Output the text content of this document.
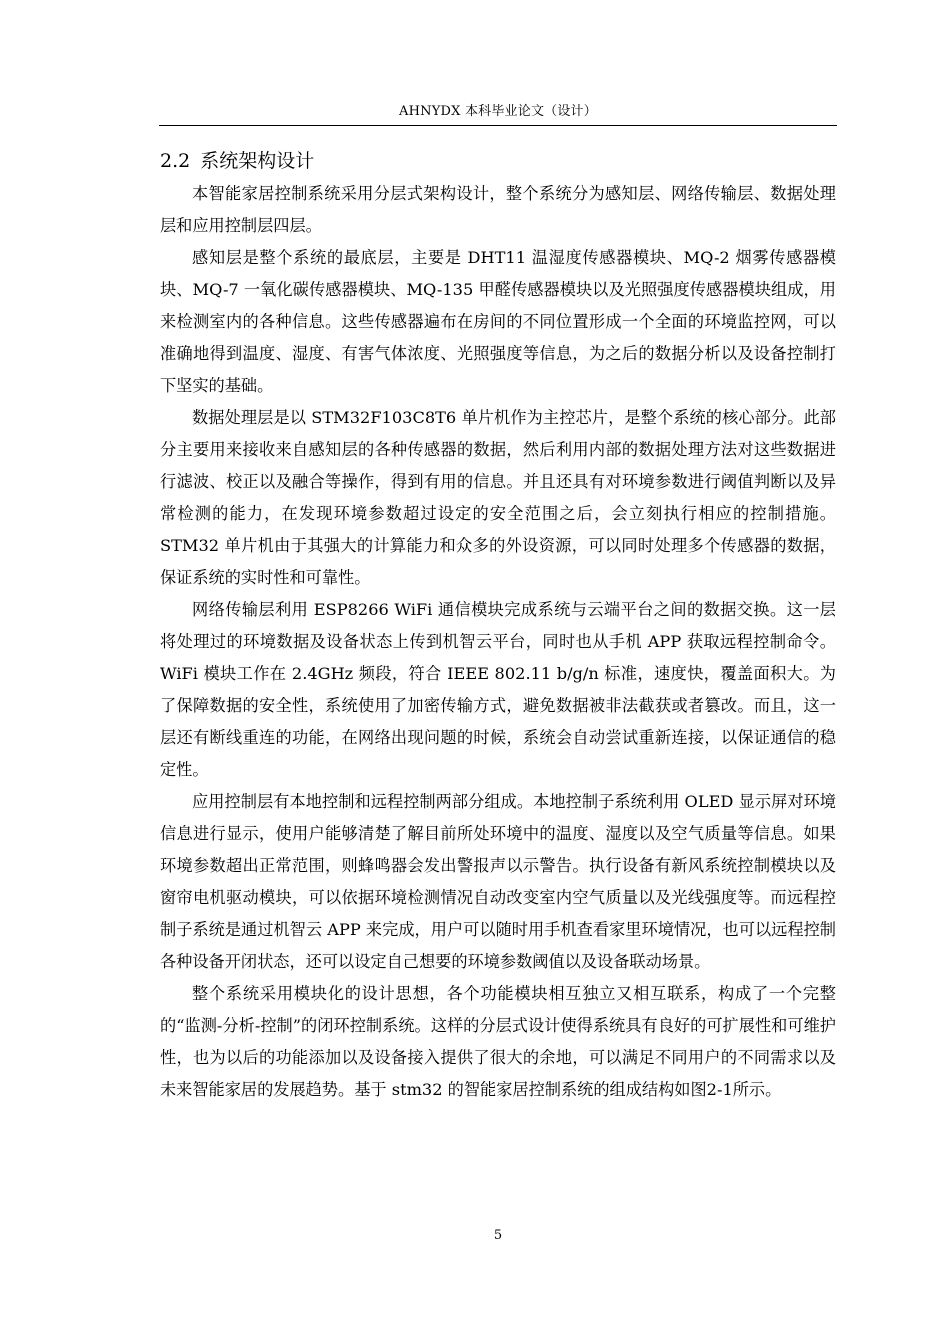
AHNYDX 本科毕业论文（设计）
2.2 系统架构设计

本智能家居控制系统采用分层式架构设计，整个系统分为感知层、网络传输层、数据处理层和应用控制层四层。

感知层是整个系统的最底层，主要是 DHT11 温湿度传感器模块、MQ-2 烟雾传感器模块、MQ-7 一氧化碳传感器模块、MQ-135 甲醛传感器模块以及光照强度传感器模块组成，用来检测室内的各种信息。这些传感器遍布在房间的不同位置形成一个全面的环境监控网，可以准确地得到温度、湿度、有害气体浓度、光照强度等信息，为之后的数据分析以及设备控制打下坚实的基础。

数据处理层是以 STM32F103C8T6 单片机作为主控芯片，是整个系统的核心部分。此部分主要用来接收来自感知层的各种传感器的数据，然后利用内部的数据处理方法对这些数据进行滤波、校正以及融合等操作，得到有用的信息。并且还具有对环境参数进行阈值判断以及异常检测的能力，在发现环境参数超过设定的安全范围之后，会立刻执行相应的控制措施。STM32 单片机由于其强大的计算能力和众多的外设资源，可以同时处理多个传感器的数据，保证系统的实时性和可靠性。

网络传输层利用 ESP8266 WiFi 通信模块完成系统与云端平台之间的数据交换。这一层将处理过的环境数据及设备状态上传到机智云平台，同时也从手机 APP 获取远程控制命令。WiFi 模块工作在 2.4GHz 频段，符合 IEEE 802.11 b/g/n 标准，速度快，覆盖面积大。为了保障数据的安全性，系统使用了加密传输方式，避免数据被非法截获或者篡改。而且，这一层还有断线重连的功能，在网络出现问题的时候，系统会自动尝试重新连接，以保证通信的稳定性。

应用控制层有本地控制和远程控制两部分组成。本地控制子系统利用 OLED 显示屏对环境信息进行显示，使用户能够清楚了解目前所处环境中的温度、湿度以及空气质量等信息。如果环境参数超出正常范围，则蜂鸣器会发出警报声以示警告。执行设备有新风系统控制模块以及窗帘电机驱动模块，可以依据环境检测情况自动改变室内空气质量以及光线强度等。而远程控制子系统是通过机智云 APP 来完成，用户可以随时用手机查看家里环境情况，也可以远程控制各种设备开闭状态，还可以设定自己想要的环境参数阈值以及设备联动场景。

整个系统采用模块化的设计思想，各个功能模块相互独立又相互联系，构成了一个完整的“监测-分析-控制”的闭环控制系统。这样的分层式设计使得系统具有良好的可扩展性和可维护性，也为以后的功能添加以及设备接入提供了很大的余地，可以满足不同用户的不同需求以及未来智能家居的发展趋势。基于 stm32 的智能家居控制系统的组成结构如图2-1所示。

5
